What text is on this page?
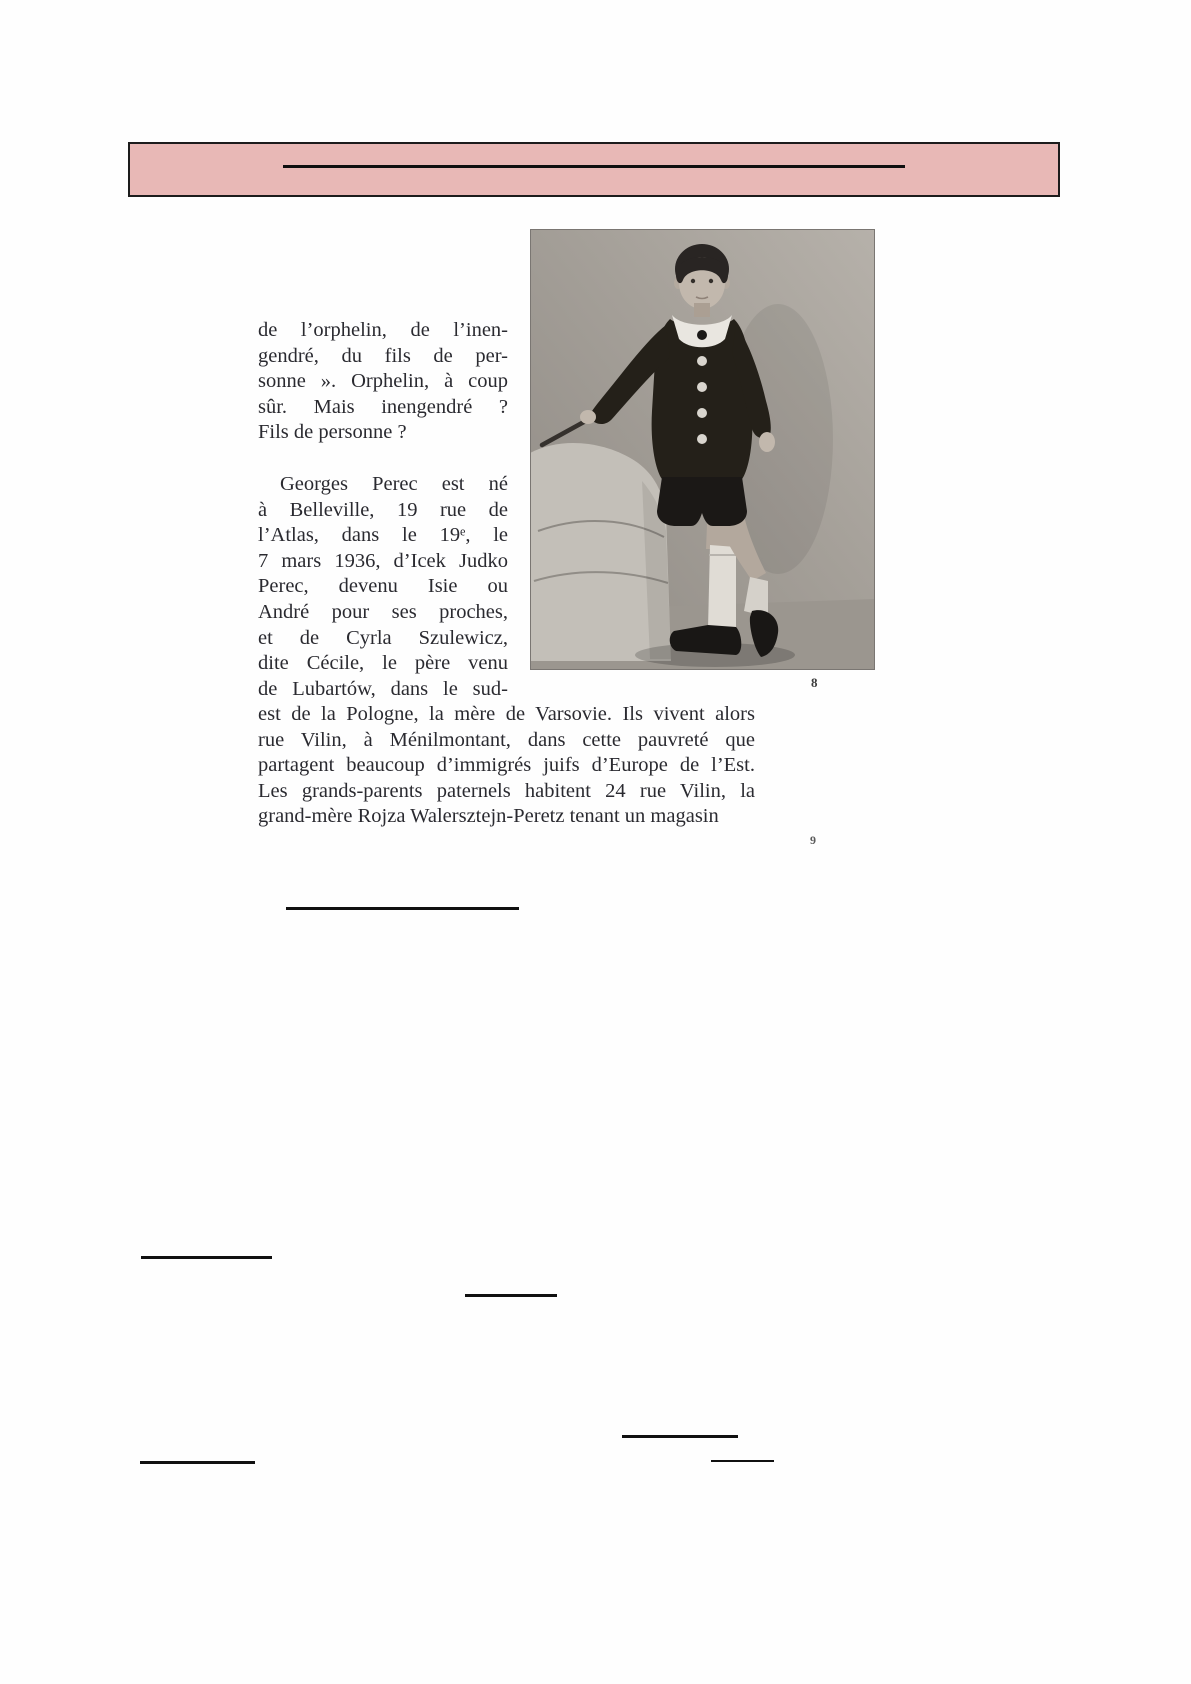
8
9
de l’orphelin, de l’inen-
gendré, du fils de per-
sonne ». Orphelin, à coup
sûr. Mais inengendré ?
Fils de personne ?
Georges Perec est né
à Belleville, 19 rue de
l’Atlas, dans le 19ᵉ, le
7 mars 1936, d’Icek Judko
Perec, devenu Isie ou
André pour ses proches,
et de Cyrla Szulewicz,
dite Cécile, le père venu
de Lubartów, dans le sud-
est de la Pologne, la mère de Varsovie. Ils vivent alors
rue Vilin, à Ménilmontant, dans cette pauvreté que
partagent beaucoup d’immigrés juifs d’Europe de l’Est.
Les grands-parents paternels habitent 24 rue Vilin, la
grand-mère Rojza Walersztejn-Peretz tenant un magasin
